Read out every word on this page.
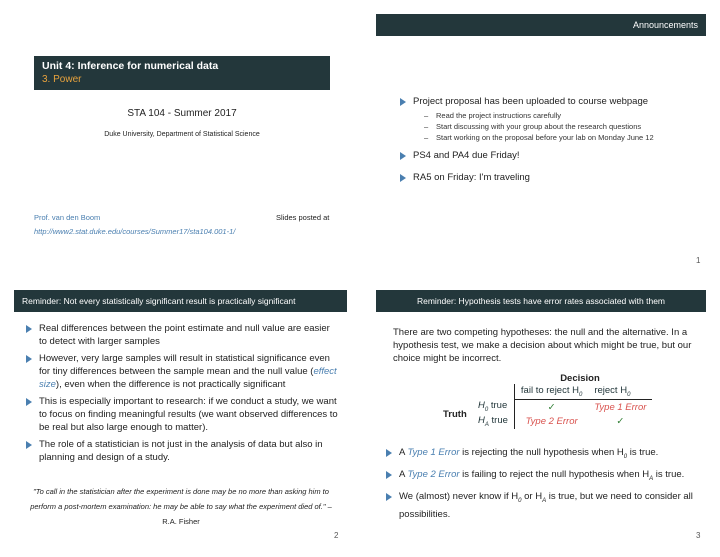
Announcements
Unit 4: Inference for numerical data
3. Power
STA 104 - Summer 2017
Duke University, Department of Statistical Science
Prof. van den Boom	Slides posted at
http://www2.stat.duke.edu/courses/Summer17/sta104.001-1/
Project proposal has been uploaded to course webpage
– Read the project instructions carefully
– Start discussing with your group about the research questions
– Start working on the proposal before your lab on Monday June 12
PS4 and PA4 due Friday!
RA5 on Friday: I'm traveling
1
Reminder: Not every statistically significant result is practically significant
Real differences between the point estimate and null value are easier to detect with larger samples
However, very large samples will result in statistical significance even for tiny differences between the sample mean and the null value (effect size), even when the difference is not practically significant
This is especially important to research: if we conduct a study, we want to focus on finding meaningful results (we want observed differences to be real but also large enough to matter).
The role of a statistician is not just in the analysis of data but also in planning and design of a study.
"To call in the statistician after the experiment is done may be no more than asking him to perform a post-mortem examination: he may be able to say what the experiment died of." – R.A. Fisher
2
Reminder: Hypothesis tests have error rates associated with them
There are two competing hypotheses: the null and the alternative. In a hypothesis test, we make a decision about which might be true, but our choice might be incorrect.
Decision
Truth
	fail to reject $H_0$	reject $H_0$
$H_0$ true	✓	Type 1 Error
$H_A$ true	Type 2 Error	✓
A Type 1 Error is rejecting the null hypothesis when $H_0$ is true.
A Type 2 Error is failing to reject the null hypothesis when $H_A$ is true.
We (almost) never know if $H_0$ or $H_A$ is true, but we need to consider all possibilities.
3
